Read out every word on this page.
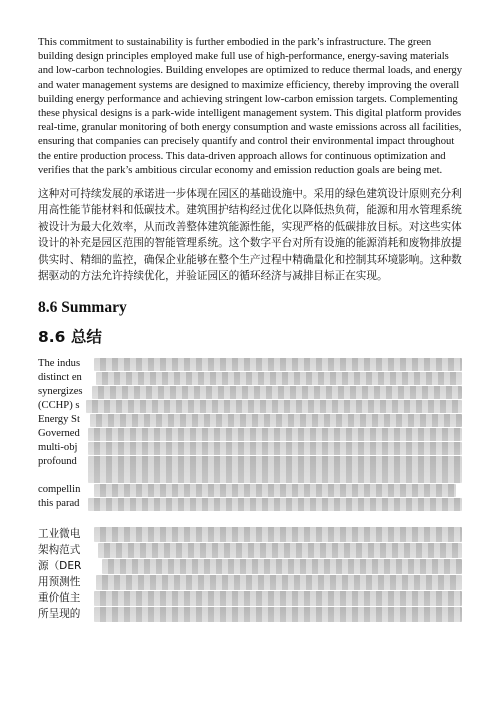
This commitment to sustainability is further embodied in the park’s infrastructure. The green building design principles employed make full use of high-performance, energy-saving materials and low-carbon technologies. Building envelopes are optimized to reduce thermal loads, and energy and water management systems are designed to maximize efficiency, thereby improving the overall building energy performance and achieving stringent low-carbon emission targets. Complementing these physical designs is a park-wide intelligent management system. This digital platform provides real-time, granular monitoring of both energy consumption and waste emissions across all facilities, ensuring that companies can precisely quantify and control their environmental impact throughout the entire production process. This data-driven approach allows for continuous optimization and verifies that the park’s ambitious circular economy and emission reduction goals are being met.

这种对可持续发展的承诺进一步体现在园区的基础设施中。采用的绿色建筑设计原则充分利用高性能节能材料和低碳技术。建筑围护结构经过优化以降低热负荷，能源和用水管理系统被设计为最大化效率，从而改善整体建筑能源性能，实现严格的低碳排放目标。对这些实体设计的补充是园区范围的智能管理系统。这个数字平台对所有设施的能源消耗和废物排放提供实时、精细的监控，确保企业能够在整个生产过程中精确量化和控制其环境影响。这种数据驱动的方法允许持续优化，并验证园区的循环经济与减排目标正在实现。

8.6 Summary
8.6 总结
The indus
distinct en
synergizes
(CCHP) s
Energy St
Governed
multi-obj
profound
compellin
this parad
工业微电
架构范式
源（DER
用预测性
重价值主
所呈现的
